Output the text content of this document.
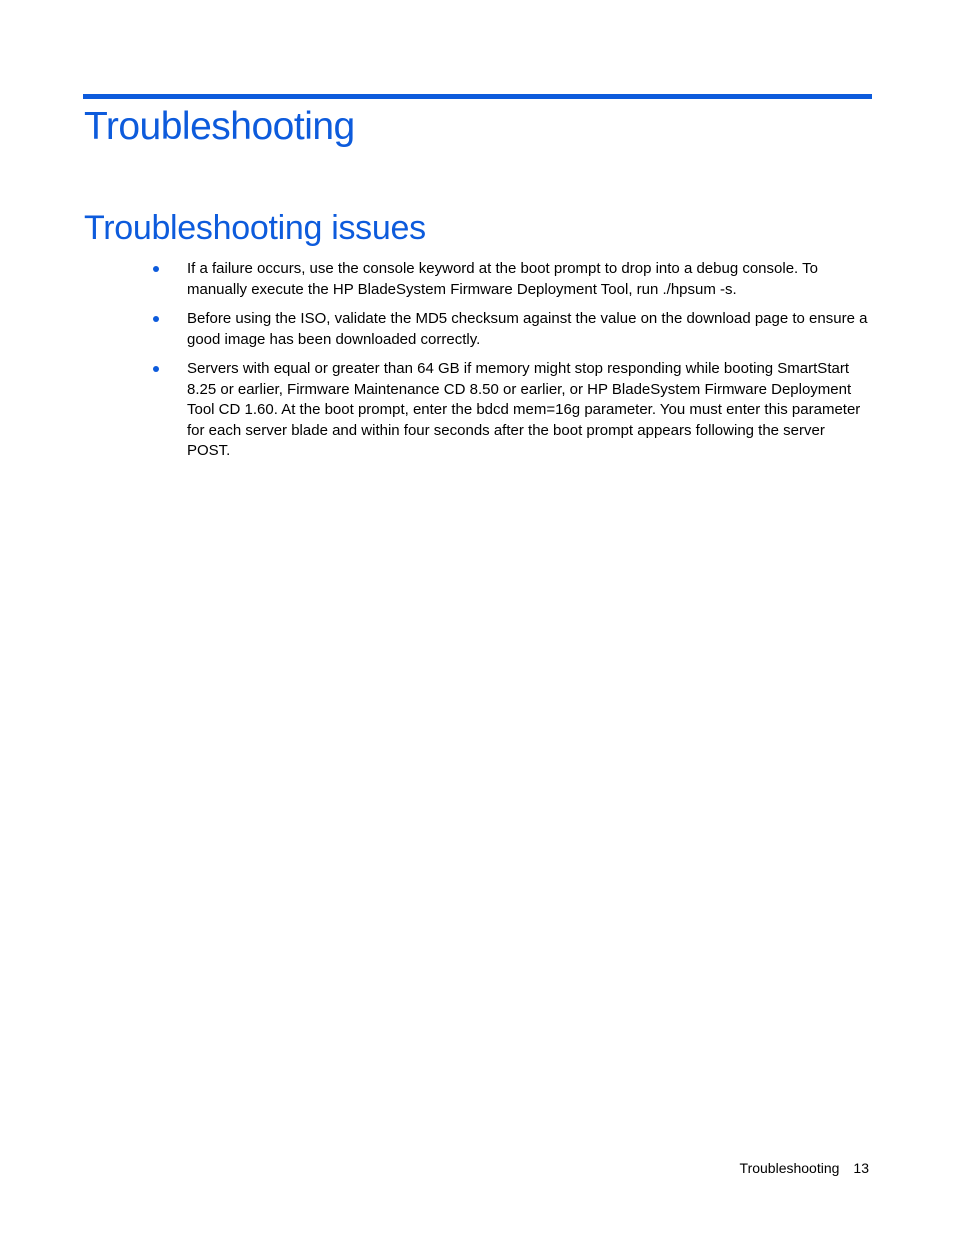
Troubleshooting
Troubleshooting issues
If a failure occurs, use the console keyword at the boot prompt to drop into a debug console. To manually execute the HP BladeSystem Firmware Deployment Tool, run ./hpsum -s.
Before using the ISO, validate the MD5 checksum against the value on the download page to ensure a good image has been downloaded correctly.
Servers with equal or greater than 64 GB if memory might stop responding while booting SmartStart 8.25 or earlier, Firmware Maintenance CD 8.50 or earlier, or HP BladeSystem Firmware Deployment Tool CD 1.60. At the boot prompt, enter the bdcd mem=16g parameter. You must enter this parameter for each server blade and within four seconds after the boot prompt appears following the server POST.
Troubleshooting 13
